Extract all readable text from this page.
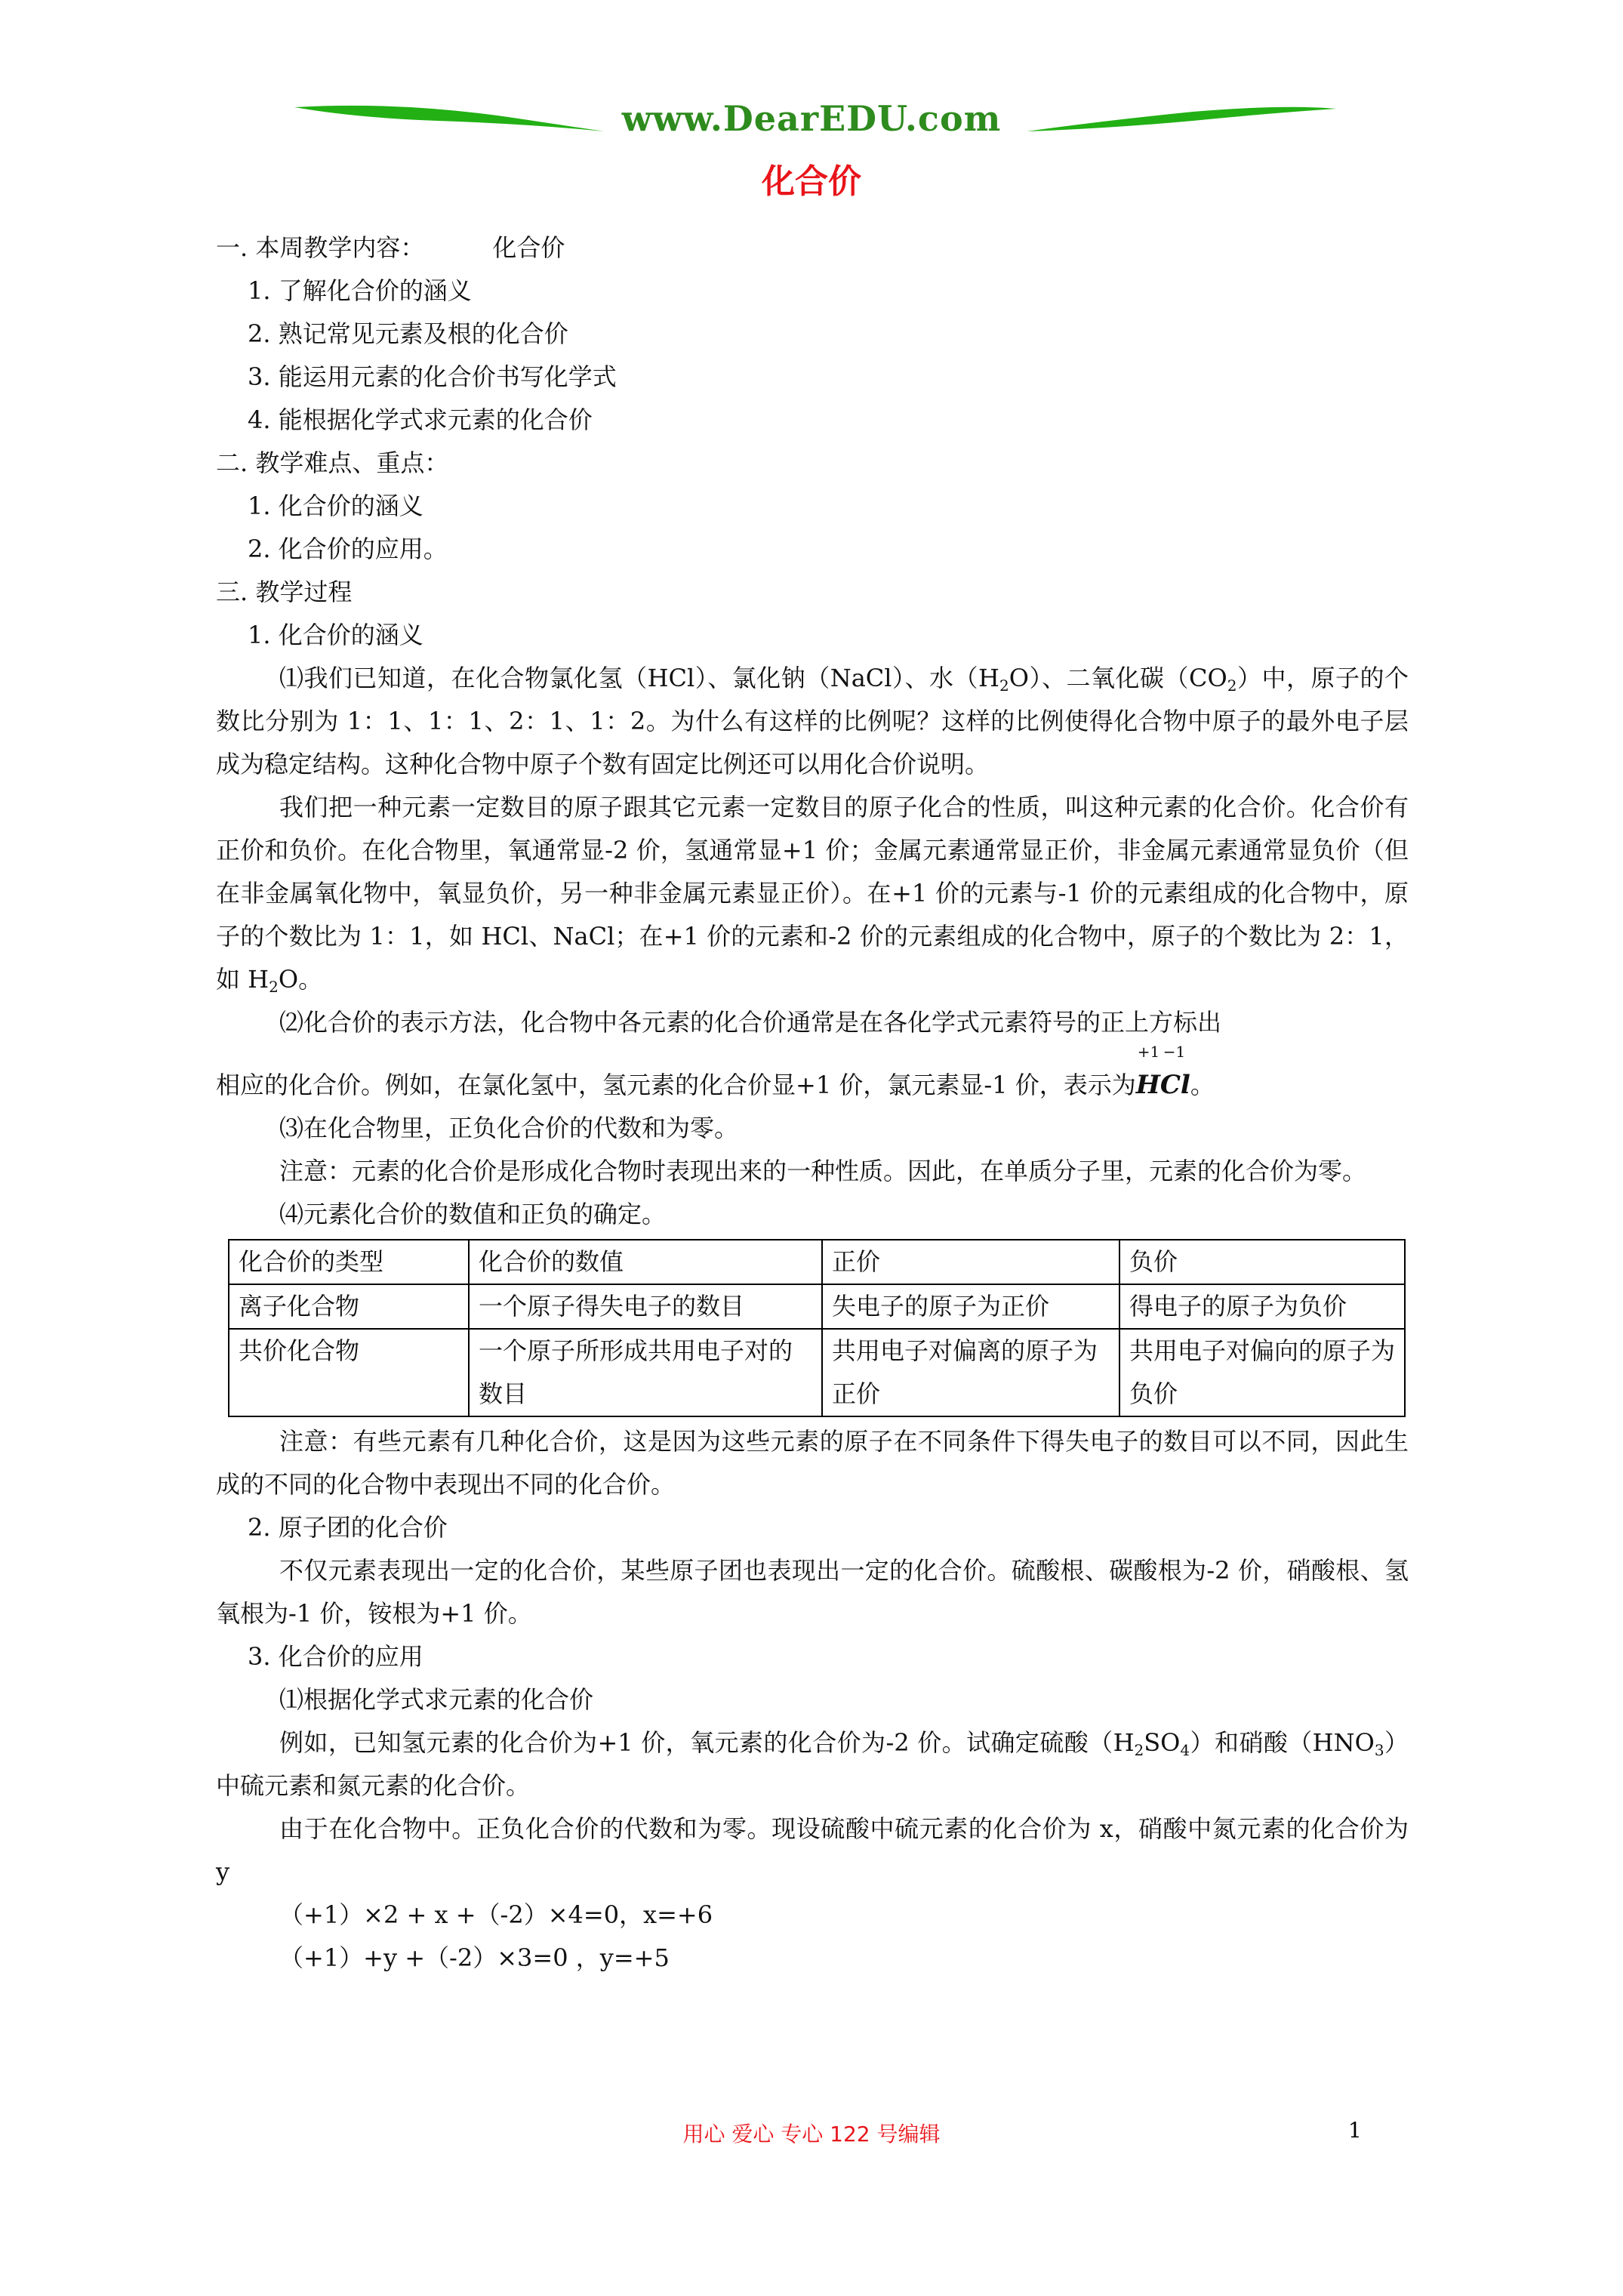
www.DearEDU.com
化合价

一. 本周教学内容：	化合价

1. 了解化合价的涵义

2. 熟记常见元素及根的化合价

3. 能运用元素的化合价书写化学式

4. 能根据化学式求元素的化合价

二. 教学难点、重点：

1. 化合价的涵义

2. 化合价的应用。

三. 教学过程

1. 化合价的涵义

⑴我们已知道，在化合物氯化氢（HCl）、氯化钠（NaCl）、水$(H_2O)$、二氧化碳$(CO_2)$中，原子的个数比分别为 1：1、1：1、2：1、1：2。为什么有这样的比例呢？这样的比例使得化合物中原子的最外电子层成为稳定结构。这种化合物中原子个数有固定比例还可以用化合价说明。

我们把一种元素一定数目的原子跟其它元素一定数目的原子化合的性质，叫这种元素的化合价。化合价有正价和负价。在化合物里，氧通常显-2 价，氢通常显+1 价；金属元素通常显正价，非金属元素通常显负价（但在非金属氧化物中，氧显负价，另一种非金属元素显正价）。在+1 价的元素与-1 价的元素组成的化合物中，原子的个数比为 1：1，如 HCl、NaCl；在+1 价的元素和-2 价的元素组成的化合物中，原子的个数比为 2：1，如 $H_2O$。

⑵化合价的表示方法，化合物中各元素的化合价通常是在各化学式元素符号的正上方标出

相应的化合价。例如，在氯化氢中，氢元素的化合价显+1 价，氯元素显-1 价，表示为
+1
H
−1
Cl。

⑶在化合物里，正负化合价的代数和为零。

注意：元素的化合价是形成化合物时表现出来的一种性质。因此，在单质分子里，元素的化合价为零。

⑷元素化合价的数值和正负的确定。

化合价的类型	化合价的数值	正价	负价
离子化合物	一个原子得失电子的数目	失电子的原子为正价	得电子的原子为负价
共价化合物	一个原子所形成共用电子对的数目	共用电子对偏离的原子为正价	共用电子对偏向的原子为负价

注意：有些元素有几种化合价，这是因为这些元素的原子在不同条件下得失电子的数目可以不同，因此生成的不同的化合物中表现出不同的化合价。

2. 原子团的化合价

不仅元素表现出一定的化合价，某些原子团也表现出一定的化合价。硫酸根、碳酸根为-2 价，硝酸根、氢氧根为-1 价，铵根为+1 价。

3. 化合价的应用

⑴根据化学式求元素的化合价

例如，已知氢元素的化合价为+1 价，氧元素的化合价为-2 价。试确定硫酸$(H_2SO_4)$和硝酸$(HNO_3)$中硫元素和氮元素的化合价。

由于在化合物中。正负化合价的代数和为零。现设硫酸中硫元素的化合价为 x，硝酸中氮元素的化合价为 y

（+1）×2 + x +（-2）×4=0，x=+6

（+1）+y +（-2）×3=0 ，y=+5

用心 爱心 专心 122 号编辑	1
